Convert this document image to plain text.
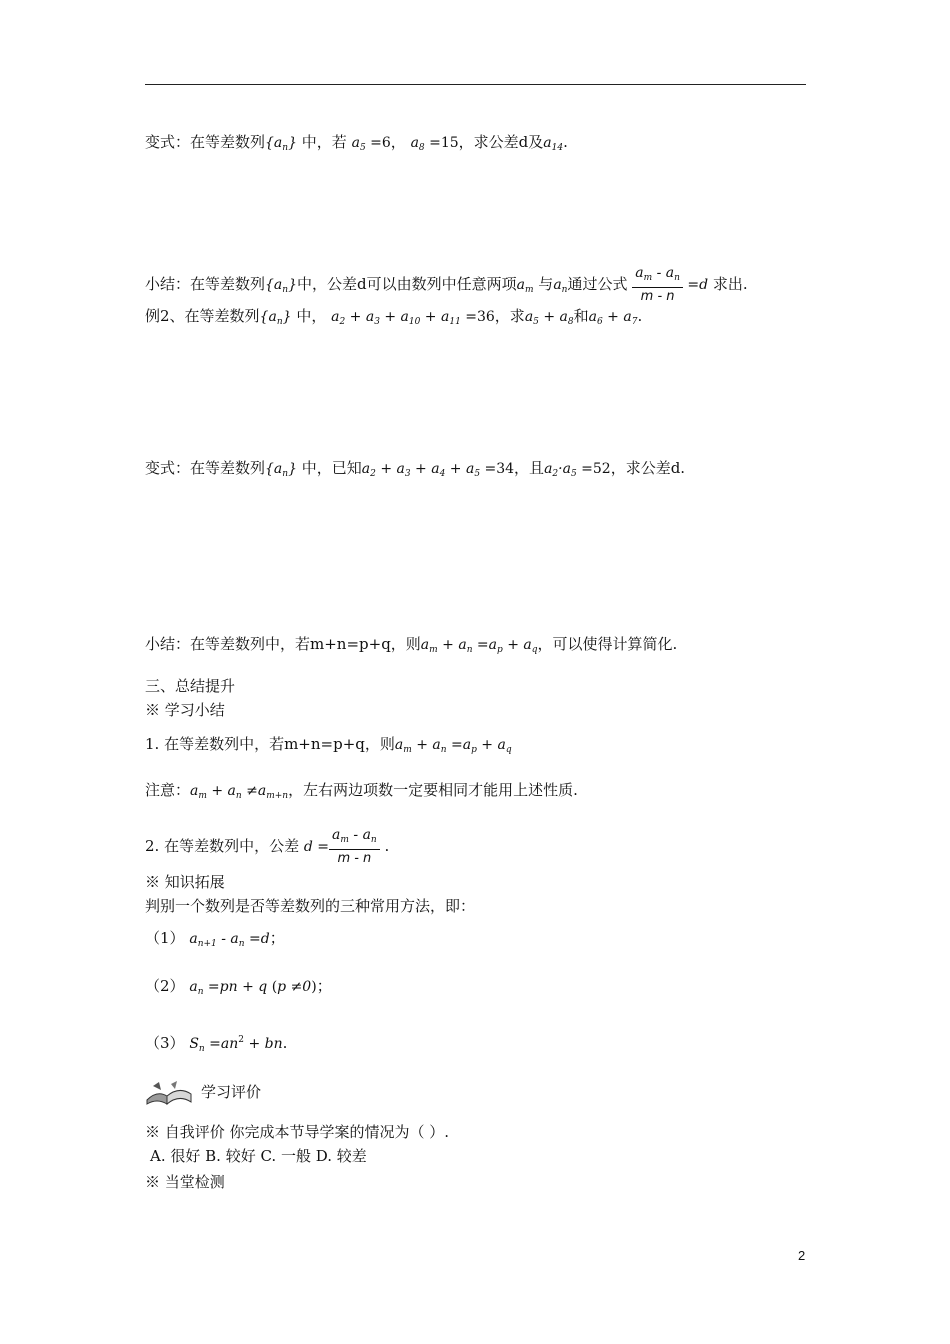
变式：在等差数列$\{a_n\}$ 中，若 $a_5 =6$， $a_8 =15$，求公差d及$a_{14}$.
小结：在等差数列$\{a_n\}$中，公差d可以由数列中任意两项$a_m$ 与$a_n$通过公式 $\frac{a_m - a_n}{m - n} =d$ 求出.
例2、在等差数列$\{a_n\}$ 中， $a_2 + a_3 + a_{10} + a_{11} =36$，求$a_5 + a_8$和$a_6 + a_7$.
变式：在等差数列$\{a_n\}$ 中，已知$a_2 + a_3 + a_4 + a_5 =34$，且$a_2\cdot a_5 =52$，求公差d.
小结：在等差数列中，若m+n=p+q，则$a_m + a_n =a_p + a_q$，可以使得计算简化.
三、总结提升
※ 学习小结
1. 在等差数列中，若m+n=p+q，则$a_m + a_n =a_p + a_q$
注意：$a_m + a_n \ne a_{m+n}$，左右两边项数一定要相同才能用上述性质.
2. 在等差数列中，公差 $d = \frac{a_m - a_n}{m - n}$ .
※ 知识拓展
判别一个数列是否等差数列的三种常用方法，即：
（1） $a_{n+1} - a_n =d$；
（2） $a_n =pn + q$ (p ≠0)；
（3） $S_n =an^2$ + bn.
学习评价
※ 自我评价 你完成本节导学案的情况为（ ）.
A. 很好 B. 较好 C. 一般 D. 较差
※ 当堂检测
2
